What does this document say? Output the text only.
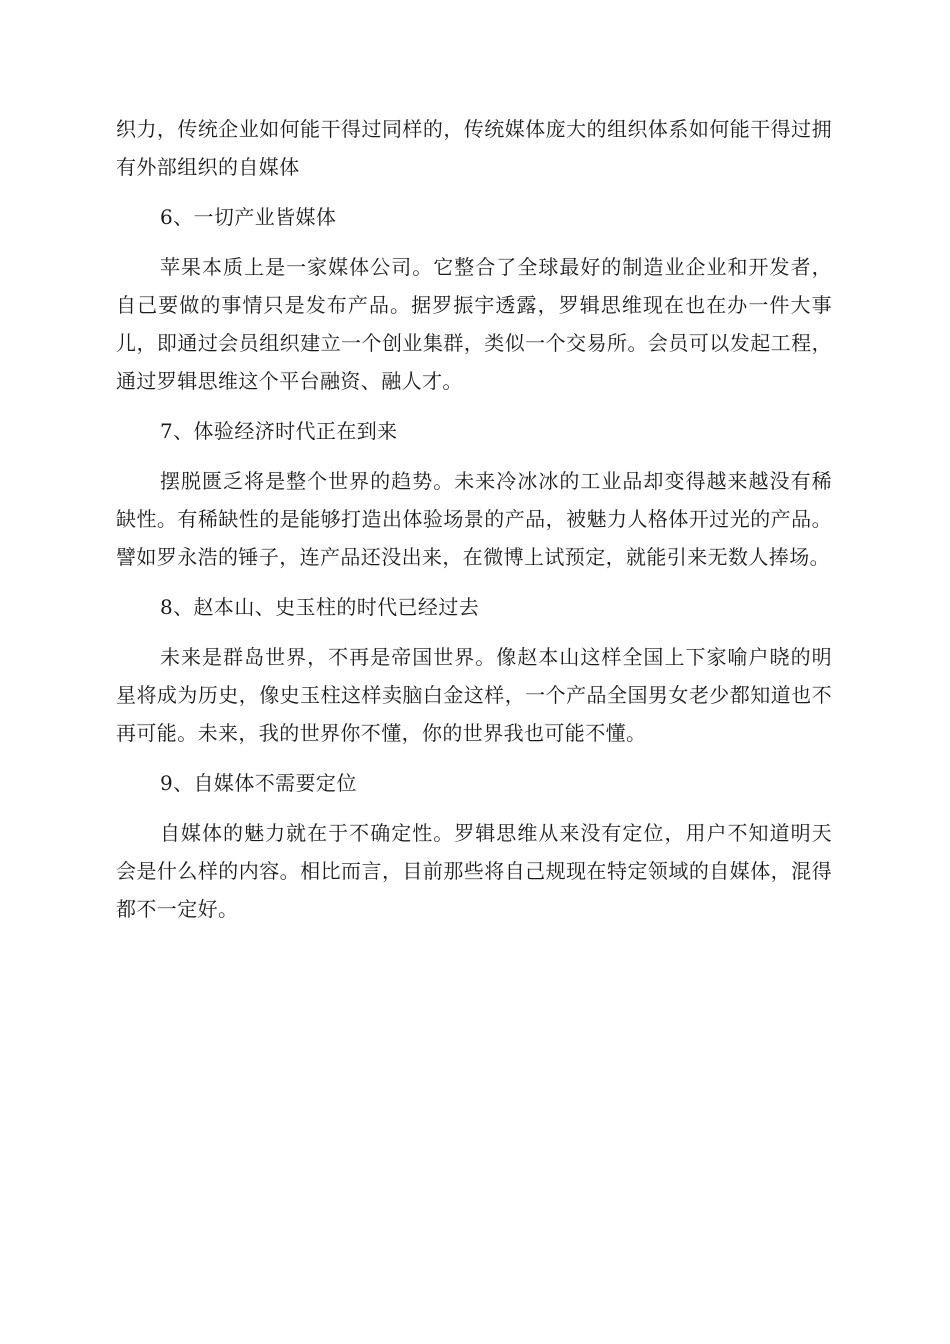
织力，传统企业如何能干得过同样的，传统媒体庞大的组织体系如何能干得过拥有外部组织的自媒体

6、一切产业皆媒体

苹果本质上是一家媒体公司。它整合了全球最好的制造业企业和开发者，自己要做的事情只是发布产品。据罗振宇透露，罗辑思维现在也在办一件大事儿，即通过会员组织建立一个创业集群，类似一个交易所。会员可以发起工程，通过罗辑思维这个平台融资、融人才。

7、体验经济时代正在到来

摆脱匮乏将是整个世界的趋势。未来冷冰冰的工业品却变得越来越没有稀缺性。有稀缺性的是能够打造出体验场景的产品，被魅力人格体开过光的产品。譬如罗永浩的锤子，连产品还没出来，在微博上试预定，就能引来无数人捧场。

8、赵本山、史玉柱的时代已经过去

未来是群岛世界，不再是帝国世界。像赵本山这样全国上下家喻户晓的明星将成为历史，像史玉柱这样卖脑白金这样，一个产品全国男女老少都知道也不再可能。未来，我的世界你不懂，你的世界我也可能不懂。

9、自媒体不需要定位

自媒体的魅力就在于不确定性。罗辑思维从来没有定位，用户不知道明天会是什么样的内容。相比而言，目前那些将自己规现在特定领域的自媒体，混得都不一定好。
